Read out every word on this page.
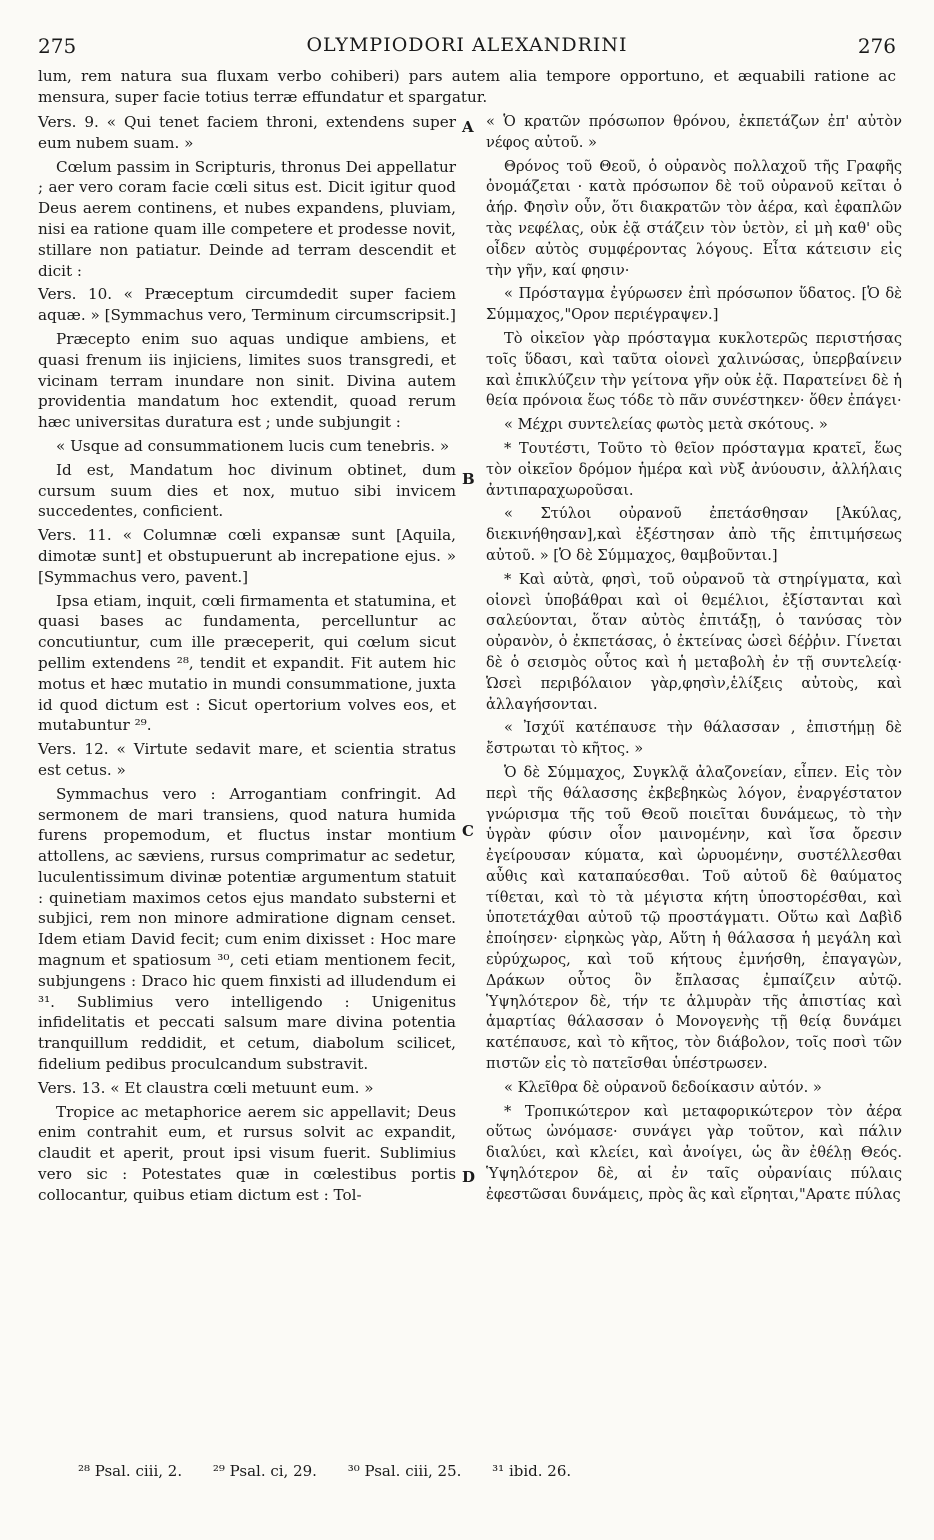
275	OLYMPIODORI ALEXANDRINI	276
lum, rem natura sua fluxam verbo cohiberi) pars autem alia tempore opportuno, et æquabili ratione ac mensura, super facie totius terræ effundatur et spargatur.

Vers. 9. « Qui tenet faciem throni, extendens super eum nubem suam. »

Cœlum passim in Scripturis, thronus Dei appellatur ; aer vero coram facie cœli situs est. Dicit igitur quod Deus aerem continens, et nubes expandens, pluviam, nisi ea ratione quam ille competere et prodesse novit, stillare non patiatur. Deinde ad terram descendit et dicit :

Vers. 10. « Præceptum circumdedit super faciem aquæ. » [Symmachus vero, Terminum circumscripsit.]

Præcepto enim suo aquas undique ambiens, et quasi frenum iis injiciens, limites suos transgredi, et vicinam terram inundare non sinit. Divina autem providentia mandatum hoc extendit, quoad rerum hæc universitas duratura est ; unde subjungit :

« Usque ad consummationem lucis cum tenebris. »

Id est, Mandatum hoc divinum obtinet, dum cursum suum dies et nox, mutuo sibi invicem succedentes, conficient.

Vers. 11. « Columnæ cœli expansæ sunt [Aquila, dimotæ sunt] et obstupuerunt ab increpatione ejus. » [Symmachus vero, pavent.]

Ipsa etiam, inquit, cœli firmamenta et statumina, et quasi bases ac fundamenta, percelluntur ac concutiuntur, cum ille præceperit, qui cœlum sicut pellim extendens ²⁸, tendit et expandit. Fit autem hic motus et hæc mutatio in mundi consummatione, juxta id quod dictum est : Sicut opertorium volves eos, et mutabuntur ²⁹.

Vers. 12. « Virtute sedavit mare, et scientia stratus est cetus. »

Symmachus vero : Arrogantiam confringit. Ad sermonem de mari transiens, quod natura humida furens propemodum, et fluctus instar montium attollens, ac sæviens, rursus comprimatur ac sedetur, luculentissimum divinæ potentiæ argumentum statuit : quinetiam maximos cetos ejus mandato substerni et subjici, rem non minore admiratione dignam censet. Idem etiam David fecit; cum enim dixisset : Hoc mare magnum et spatiosum ³⁰, ceti etiam mentionem fecit, subjungens : Draco hic quem finxisti ad illudendum ei ³¹. Sublimius vero intelligendo : Unigenitus infidelitatis et peccati salsum mare divina potentia tranquillum reddidit, et cetum, diabolum scilicet, fidelium pedibus proculcandum substravit.

Vers. 13. « Et claustra cœli metuunt eum. »

Tropice ac metaphorice aerem sic appellavit; Deus enim contrahit eum, et rursus solvit ac expandit, claudit et aperit, prout ipsi visum fuerit. Sublimius vero sic : Potestates quæ in cœlestibus portis collocantur, quibus etiam dictum est : Tol-

A
B
C
D

« Ὁ κρατῶν πρόσωπον θρόνου, ἐκπετάζων ἐπ' αὐτὸν νέφος αὐτοῦ. »

Θρόνος τοῦ Θεοῦ, ὁ οὐρανὸς πολλαχοῦ τῆς Γραφῆς ὀνομάζεται · κατὰ πρόσωπον δὲ τοῦ οὐρανοῦ κεῖται ὁ ἀήρ. Φησὶν οὖν, ὅτι διακρατῶν τὸν ἀέρα, καὶ ἐφαπλῶν τὰς νεφέλας, οὐκ ἐᾷ στάζειν τὸν ὑετὸν, εἰ μὴ καθ' οὓς οἶδεν αὐτὸς συμφέροντας λόγους. Εἶτα κάτεισιν εἰς τὴν γῆν, καί φησιν·

« Πρόσταγμα ἐγύρωσεν ἐπὶ πρόσωπον ὕδατος. [Ὁ δὲ Σύμμαχος,"Ορον περιέγραψεν.]

Τὸ οἰκεῖον γὰρ πρόσταγμα κυκλοτερῶς περιστήσας τοῖς ὕδασι, καὶ ταῦτα οἱονεὶ χαλινώσας, ὑπερβαίνειν καὶ ἐπικλύζειν τὴν γείτονα γῆν οὐκ ἐᾷ. Παρατείνει δὲ ἡ θεία πρόνοια ἕως τόδε τὸ πᾶν συνέστηκεν· ὅθεν ἐπάγει·

« Μέχρι συντελείας φωτὸς μετὰ σκότους. »

* Τουτέστι, Τοῦτο τὸ θεῖον πρόσταγμα κρατεῖ, ἕως τὸν οἰκεῖον δρόμον ἡμέρα καὶ νὺξ ἀνύουσιν, ἀλλήλαις ἀντιπαραχωροῦσαι.

« Στύλοι οὐρανοῦ ἐπετάσθησαν [Ἀκύλας, διεκινήθησαν],καὶ ἐξέστησαν ἀπὸ τῆς ἐπιτιμήσεως αὐτοῦ. » [Ὁ δὲ Σύμμαχος, θαμβοῦνται.]

* Καὶ αὐτὰ, φησὶ, τοῦ οὐρανοῦ τὰ στηρίγματα, καὶ οἱονεὶ ὑποβάθραι καὶ οἱ θεμέλιοι, ἐξίστανται καὶ σαλεύονται, ὅταν αὐτὸς ἐπιτάξῃ, ὁ τανύσας τὸν οὐρανὸν, ὁ ἐκπετάσας, ὁ ἐκτείνας ὡσεὶ δέῤῥιν. Γίνεται δὲ ὁ σεισμὸς οὗτος καὶ ἡ μεταβολὴ ἐν τῇ συντελείᾳ· Ὡσεὶ περιβόλαιον γὰρ,φησὶν,ἑλίξεις αὐτοὺς, καὶ ἀλλαγήσονται.

« Ἰσχύϊ κατέπαυσε τὴν θάλασσαν , ἐπιστήμῃ δὲ ἔστρωται τὸ κῆτος. »

Ὁ δὲ Σύμμαχος, Συγκλᾷ ἀλαζονείαν, εἶπεν. Εἰς τὸν περὶ τῆς θάλασσης ἐκβεβηκὼς λόγον, ἐναργέστατον γνώρισμα τῆς τοῦ Θεοῦ ποιεῖται δυνάμεως, τὸ τὴν ὑγρὰν φύσιν οἷον μαινομένην, καὶ ἴσα ὄρεσιν ἐγείρουσαν κύματα, καὶ ὠρυομένην, συστέλλεσθαι αὖθις καὶ καταπαύεσθαι. Τοῦ αὐτοῦ δὲ θαύματος τίθεται, καὶ τὸ τὰ μέγιστα κήτη ὑποστορέσθαι, καὶ ὑποτετάχθαι αὐτοῦ τῷ προστάγματι. Οὕτω καὶ Δαβὶδ ἐποίησεν· εἰρηκὼς γὰρ, Αὕτη ἡ θάλασσα ἡ μεγάλη καὶ εὐρύχωρος, καὶ τοῦ κήτους ἐμνήσθη, ἐπαγαγὼν, Δράκων οὗτος ὃν ἔπλασας ἐμπαίζειν αὐτῷ. Ὑψηλότερον δὲ, τήν τε ἁλμυρὰν τῆς ἀπιστίας καὶ ἁμαρτίας θάλασσαν ὁ Μονογενὴς τῇ θείᾳ δυνάμει κατέπαυσε, καὶ τὸ κῆτος, τὸν διάβολον, τοῖς ποσὶ τῶν πιστῶν εἰς τὸ πατεῖσθαι ὑπέστρωσεν.

« Κλεῖθρα δὲ οὐρανοῦ δεδοίκασιν αὐτόν. »

* Τροπικώτερον καὶ μεταφορικώτερον τὸν ἀέρα οὕτως ὠνόμασε· συνάγει γὰρ τοῦτον, καὶ πάλιν διαλύει, καὶ κλείει, καὶ ἀνοίγει, ὡς ἂν ἐθέλῃ Θεός. Ὑψηλότερον δὲ, αἱ ἐν ταῖς οὐρανίαις πύλαις ἐφεστῶσαι δυνάμεις, πρὸς ἃς καὶ εἴρηται,"Αρατε πύλας

²⁸ Psal. ciii, 2. ²⁹ Psal. ci, 29. ³⁰ Psal. ciii, 25. ³¹ ibid. 26.
